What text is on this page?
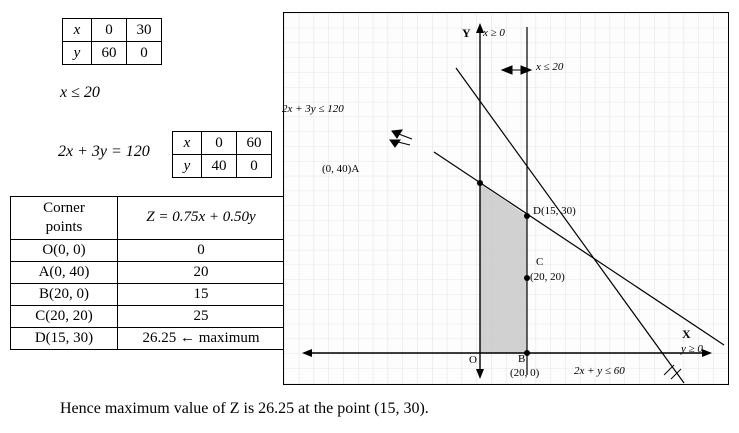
x	0	30
y	60	0
x ≤ 20
2x + 3y = 120
x	0	60
y	40	0
Corner
points	Z = 0.75x + 0.50y
O(0, 0)	0
A(0, 40)	20
B(20, 0)	15
C(20, 20)	25
D(15, 30)	26.25 ← maximum
Y x ≥ 0
x ≤ 20
2x + 3y ≤ 120
2x + y ≤ 60
(0, 40)A
D(15, 30)
C
(20, 20)
B
(20, 0)
O
X
y ≥ 0
Hence maximum value of Z is 26.25 at the point (15, 30).
